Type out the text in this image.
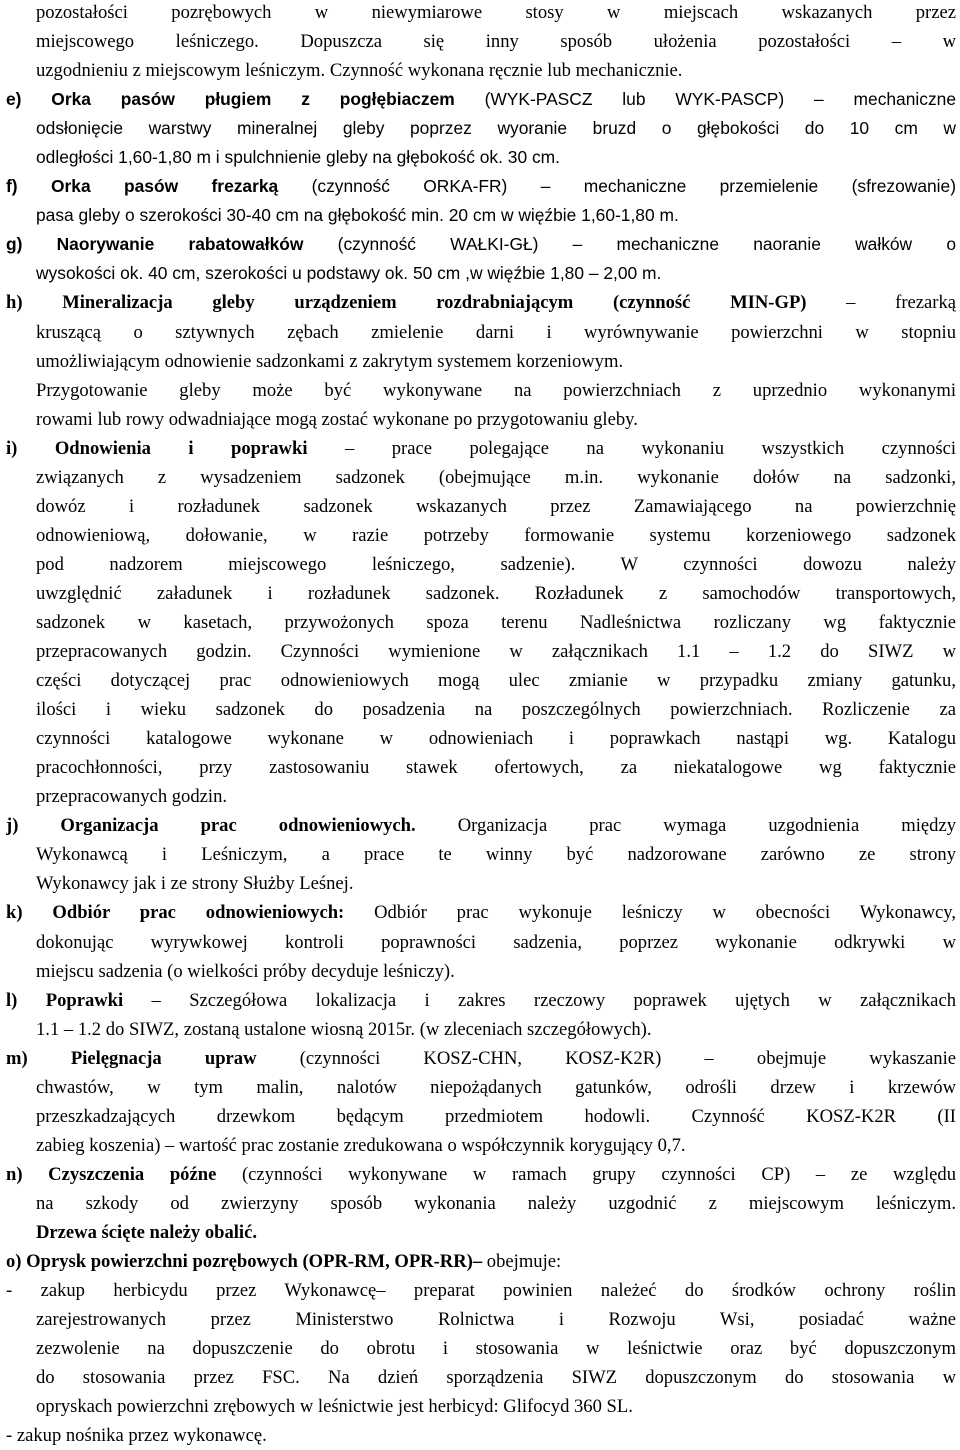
pozostałości pozrębowych w niewymiarowe stosy w miejscach wskazanych przez
miejscowego leśniczego. Dopuszcza się inny sposób ułożenia pozostałości – w
uzgodnieniu z miejscowym leśniczym. Czynność wykonana ręcznie lub mechanicznie.
e) Orka pasów pługiem z pogłębiaczem (WYK-PASCZ lub WYK-PASCP) – mechaniczne
odsłonięcie warstwy mineralnej gleby poprzez wyoranie bruzd o głębokości do 10 cm w
odległości 1,60-1,80 m i spulchnienie gleby na głębokość ok. 30 cm.
f) Orka pasów frezarką (czynność ORKA-FR) – mechaniczne przemielenie (sfrezowanie)
pasa gleby o szerokości 30-40 cm na głębokość min. 20 cm w więźbie 1,60-1,80 m.
g) Naorywanie rabatowałków (czynność WAŁKI-GŁ) – mechaniczne naoranie wałków o
wysokości ok. 40 cm, szerokości u podstawy ok. 50 cm ,w więźbie 1,80 – 2,00 m.
h) Mineralizacja gleby urządzeniem rozdrabniającym (czynność MIN-GP) – frezarką
kruszącą o sztywnych zębach zmielenie darni i wyrównywanie powierzchni w stopniu
umożliwiającym odnowienie sadzonkami z zakrytym systemem korzeniowym.
Przygotowanie gleby może być wykonywane na powierzchniach z uprzednio wykonanymi
rowami lub rowy odwadniające mogą zostać wykonane po przygotowaniu gleby.
i) Odnowienia i poprawki – prace polegające na wykonaniu wszystkich czynności
związanych z wysadzeniem sadzonek (obejmujące m.in. wykonanie dołów na sadzonki,
dowóz i rozładunek sadzonek wskazanych przez Zamawiającego na powierzchnię
odnowieniową, dołowanie, w razie potrzeby formowanie systemu korzeniowego sadzonek
pod nadzorem miejscowego leśniczego, sadzenie). W czynności dowozu należy
uwzględnić załadunek i rozładunek sadzonek. Rozładunek z samochodów transportowych,
sadzonek w kasetach, przywożonych spoza terenu Nadleśnictwa rozliczany wg faktycznie
przepracowanych godzin. Czynności wymienione w załącznikach 1.1 – 1.2 do SIWZ w
części dotyczącej prac odnowieniowych mogą ulec zmianie w przypadku zmiany gatunku,
ilości i wieku sadzonek do posadzenia na poszczególnych powierzchniach. Rozliczenie za
czynności katalogowe wykonane w odnowieniach i poprawkach nastąpi wg. Katalogu
pracochłonności, przy zastosowaniu stawek ofertowych, za niekatalogowe wg faktycznie
przepracowanych godzin.
j) Organizacja prac odnowieniowych. Organizacja prac wymaga uzgodnienia między
Wykonawcą i Leśniczym, a prace te winny być nadzorowane zarówno ze strony
Wykonawcy jak i ze strony Służby Leśnej.
k) Odbiór prac odnowieniowych: Odbiór prac wykonuje leśniczy w obecności Wykonawcy,
dokonując wyrywkowej kontroli poprawności sadzenia, poprzez wykonanie odkrywki w
miejscu sadzenia (o wielkości próby decyduje leśniczy).
l) Poprawki – Szczegółowa lokalizacja i zakres rzeczowy poprawek ujętych w załącznikach
1.1 – 1.2 do SIWZ, zostaną ustalone wiosną 2015r. (w zleceniach szczegółowych).
m) Pielęgnacja upraw (czynności KOSZ-CHN, KOSZ-K2R) – obejmuje wykaszanie
chwastów, w tym malin, nalotów niepożądanych gatunków, odrośli drzew i krzewów
przeszkadzających drzewkom będącym przedmiotem hodowli. Czynność KOSZ-K2R (II
zabieg koszenia) – wartość prac zostanie zredukowana o współczynnik korygujący 0,7.
n) Czyszczenia późne (czynności wykonywane w ramach grupy czynności CP) – ze względu
na szkody od zwierzyny sposób wykonania należy uzgodnić z miejscowym leśniczym.
Drzewa ścięte należy obalić.
o) Oprysk powierzchni pozrębowych (OPR-RM, OPR-RR)– obejmuje:
- zakup herbicydu przez Wykonawcę– preparat powinien należeć do środków ochrony roślin
zarejestrowanych przez Ministerstwo Rolnictwa i Rozwoju Wsi, posiadać ważne
zezwolenie na dopuszczenie do obrotu i stosowania w leśnictwie oraz być dopuszczonym
do stosowania przez FSC. Na dzień sporządzenia SIWZ dopuszczonym do stosowania w
opryskach powierzchni zrębowych w leśnictwie jest herbicyd: Glifocyd 360 SL.
- zakup nośnika przez wykonawcę.
